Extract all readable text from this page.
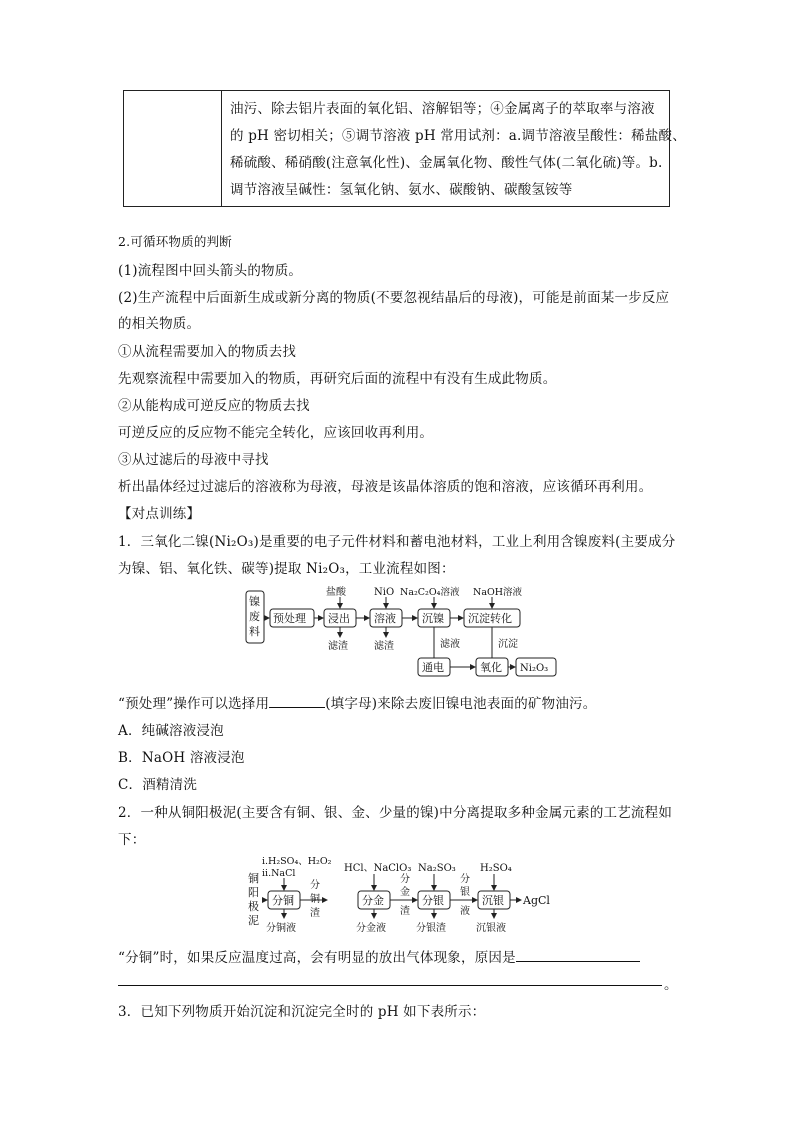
油污、除去铝片表面的氧化铝、溶解铝等；④金属离子的萃取率与溶液
的 pH 密切相关；⑤调节溶液 pH 常用试剂：a.调节溶液呈酸性：稀盐酸、
稀硫酸、稀硝酸(注意氧化性)、金属氧化物、酸性气体(二氧化硫)等。b.
调节溶液呈碱性：氢氧化钠、氨水、碳酸钠、碳酸氢铵等
2.可循环物质的判断
(1)流程图中回头箭头的物质。
(2)生产流程中后面新生成或新分离的物质(不要忽视结晶后的母液)，可能是前面某一步反应
的相关物质。
①从流程需要加入的物质去找
先观察流程中需要加入的物质，再研究后面的流程中有没有生成此物质。
②从能构成可逆反应的物质去找
可逆反应的反应物不能完全转化，应该回收再利用。
③从过滤后的母液中寻找
析出晶体经过过滤后的溶液称为母液，母液是该晶体溶质的饱和溶液，应该循环再利用。
【对点训练】
1．三氧化二镍(Ni₂O₃)是重要的电子元件材料和蓄电池材料，工业上利用含镍废料(主要成分
为镍、铝、氧化铁、碳等)提取 Ni₂O₃，工业流程如图：
镍
废
料
预处理 浸出 溶液 沉镍 沉淀转化
盐酸	NiO Na₂C₂O₄溶液 NaOH溶液
滤渣	滤渣	滤液	沉淀
通电	氧化 Ni₂O₃
“预处理”操作可以选择用	(填字母)来除去废旧镍电池表面的矿物油污。
A．纯碱溶液浸泡
B．NaOH 溶液浸泡
C．酒精清洗
2．一种从铜阳极泥(主要含有铜、银、金、少量的镍)中分离提取多种金属元素的工艺流程如
下：
铜
阳
极
泥
i.H₂SO₄、H₂O₂
ii.NaCl
分铜
分铜液
分
铜
渣
HCl、NaClO₃
分金
分金液
分
金
渣
Na₂SO₃
分银
分银渣
分
银
液
H₂SO₄
沉银
沉银液
AgCl
“分铜”时，如果反应温度过高，会有明显的放出气体现象，原因是
。
3．已知下列物质开始沉淀和沉淀完全时的 pH 如下表所示：
